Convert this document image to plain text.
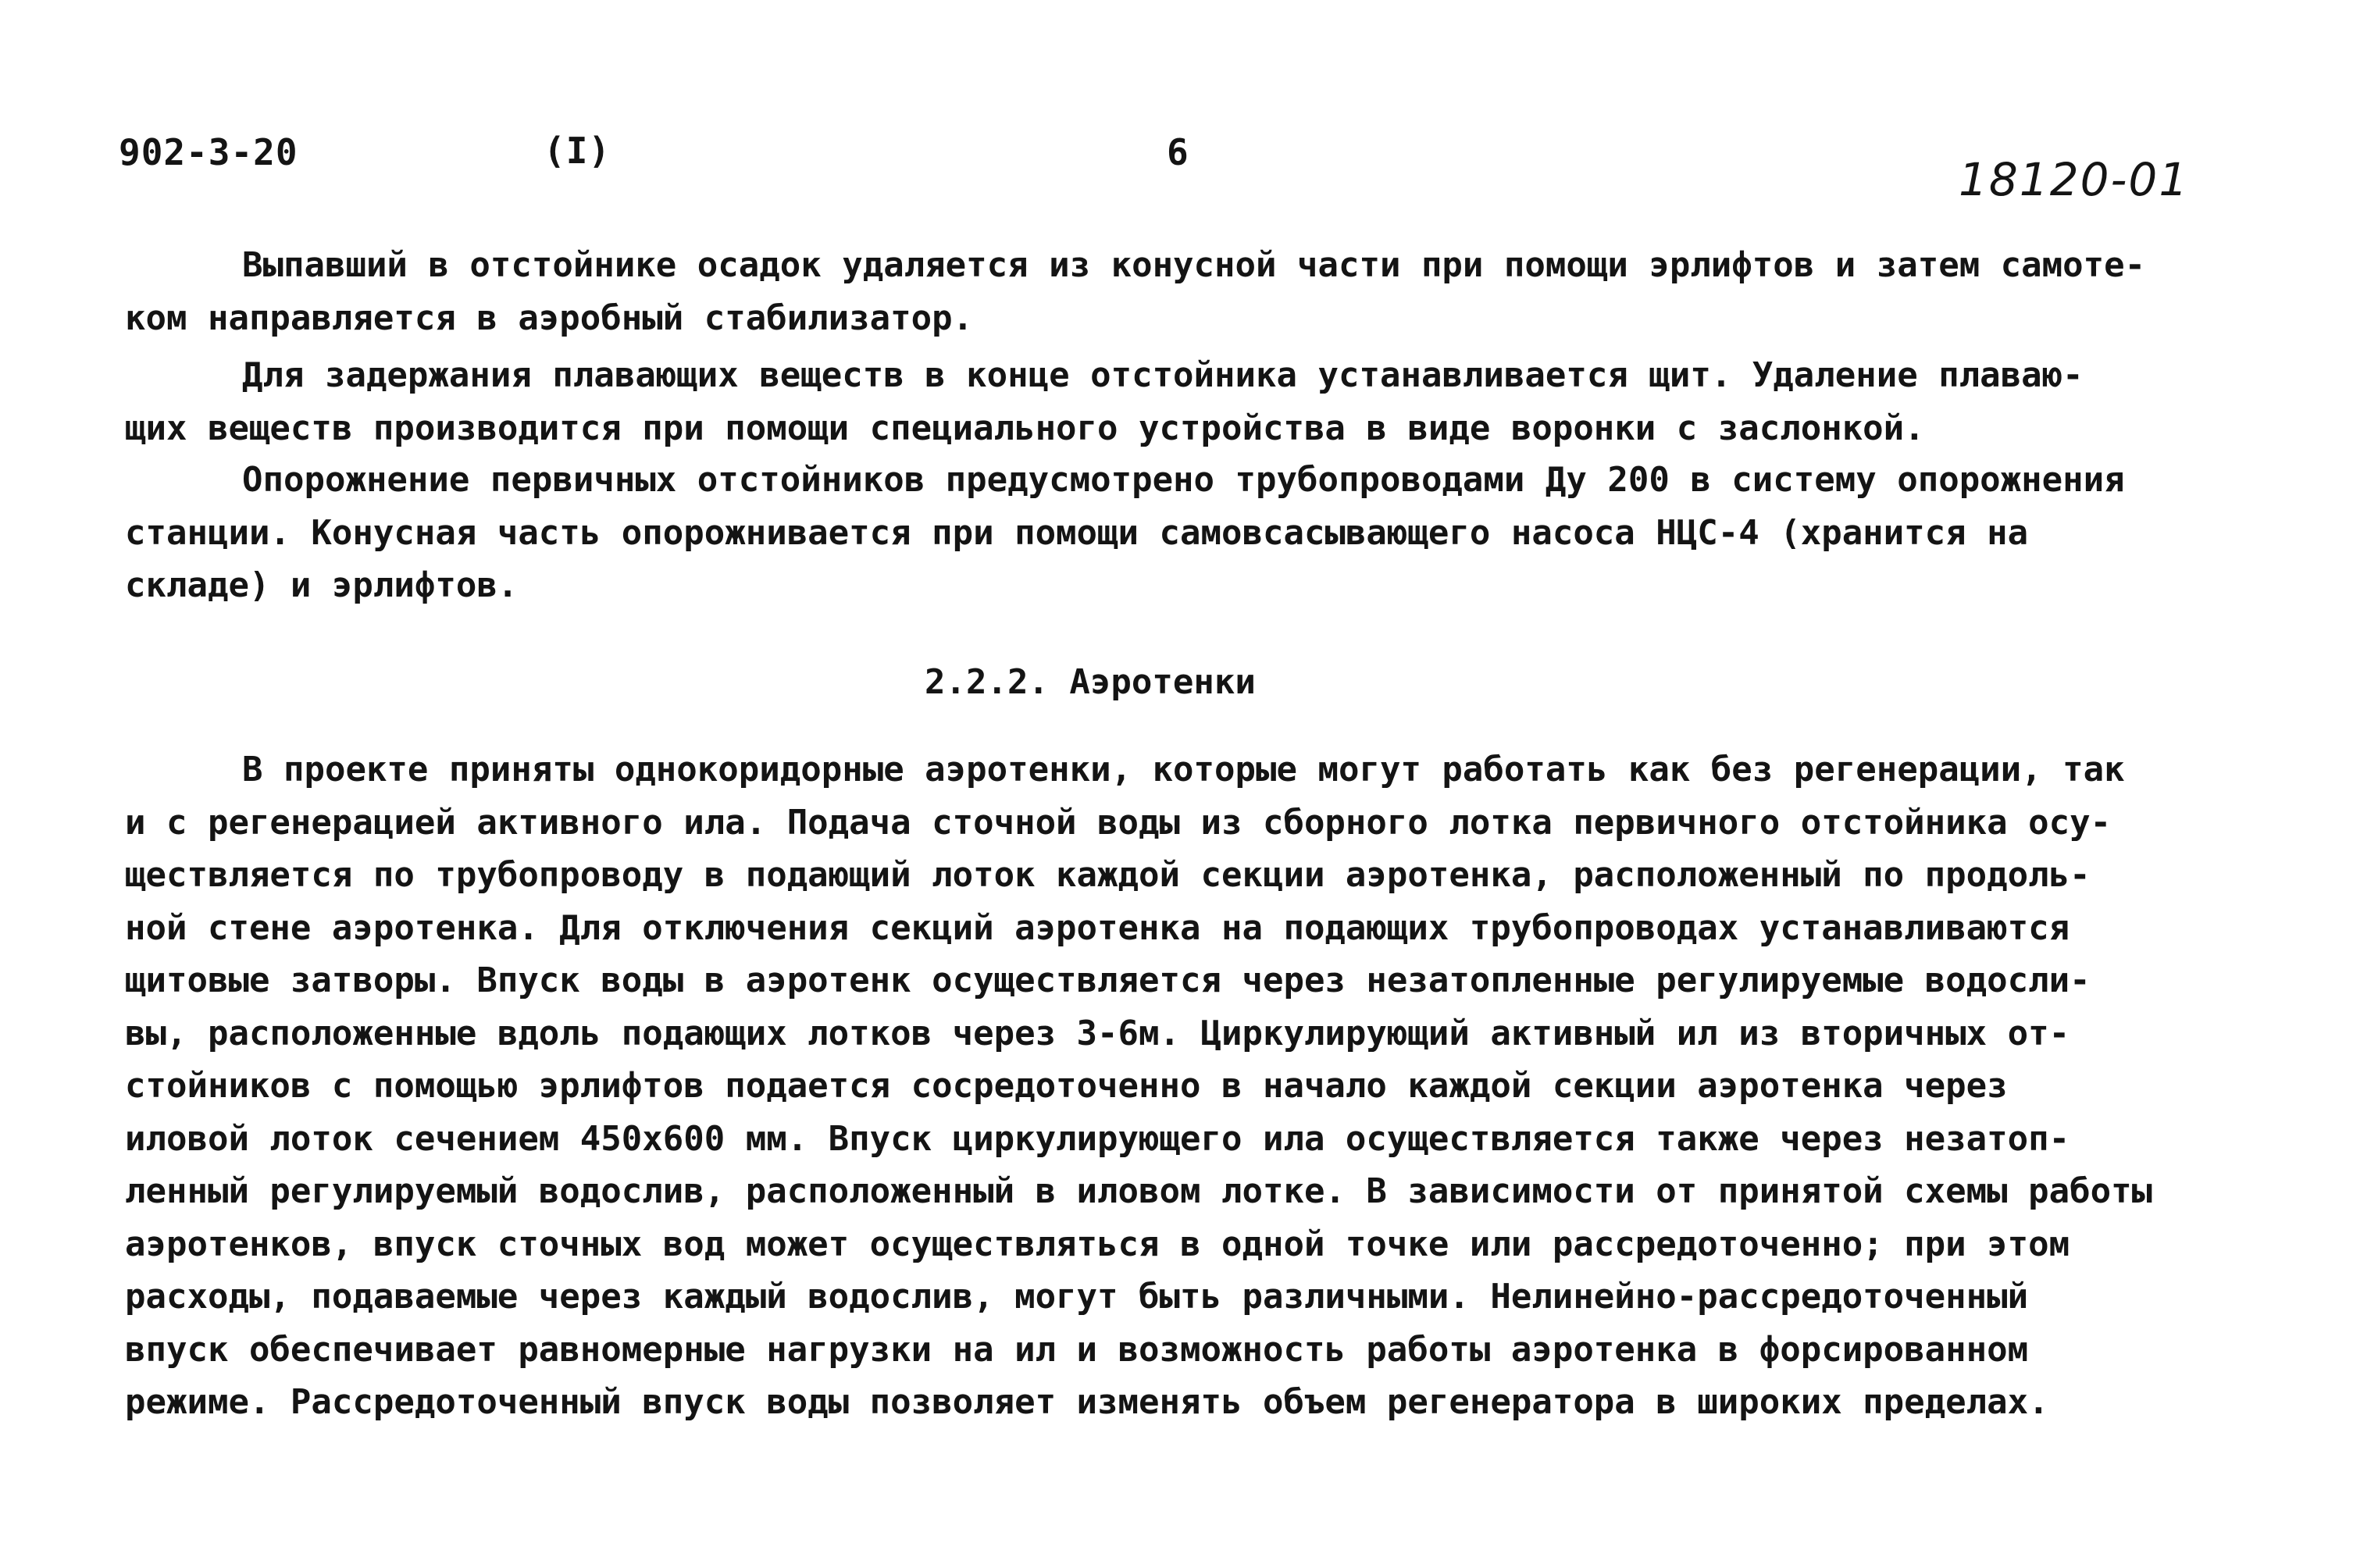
902-3-20	(I)	6
18120-01

Выпавший в отстойнике осадок удаляется из конусной части при помощи эрлифтов и затем самоте-
ком направляется в аэробный стабилизатор.

Для задержания плавающих веществ в конце отстойника устанавливается щит. Удаление плаваю-
щих веществ производится при помощи специального устройства в виде воронки с заслонкой.

Опорожнение первичных отстойников предусмотрено трубопроводами Ду 200 в систему опорожнения
станции. Конусная часть опорожнивается при помощи самовсасывающего насоса НЦС-4 (хранится на
складе) и эрлифтов.

2.2.2. Аэротенки

В проекте приняты однокоридорные аэротенки, которые могут работать как без регенерации, так
и с регенерацией активного ила. Подача сточной воды из сборного лотка первичного отстойника осу-
ществляется по трубопроводу в подающий лоток каждой секции аэротенка, расположенный по продоль-
ной стене аэротенка. Для отключения секций аэротенка на подающих трубопроводах устанавливаются
щитовые затворы. Впуск воды в аэротенк осуществляется через незатопленные регулируемые водосли-
вы, расположенные вдоль подающих лотков через 3-6м. Циркулирующий активный ил из вторичных от-
стойников с помощью эрлифтов подается сосредоточенно в начало каждой секции аэротенка через
иловой лоток сечением 450х600 мм. Впуск циркулирующего ила осуществляется также через незатоп-
ленный регулируемый водослив, расположенный в иловом лотке. В зависимости от принятой схемы работы
аэротенков, впуск сточных вод может осуществляться в одной точке или рассредоточенно; при этом
расходы, подаваемые через каждый водослив, могут быть различными. Нелинейно-рассредоточенный
впуск обеспечивает равномерные нагрузки на ил и возможность работы аэротенка в форсированном
режиме. Рассредоточенный впуск воды позволяет изменять объем регенератора в широких пределах.
